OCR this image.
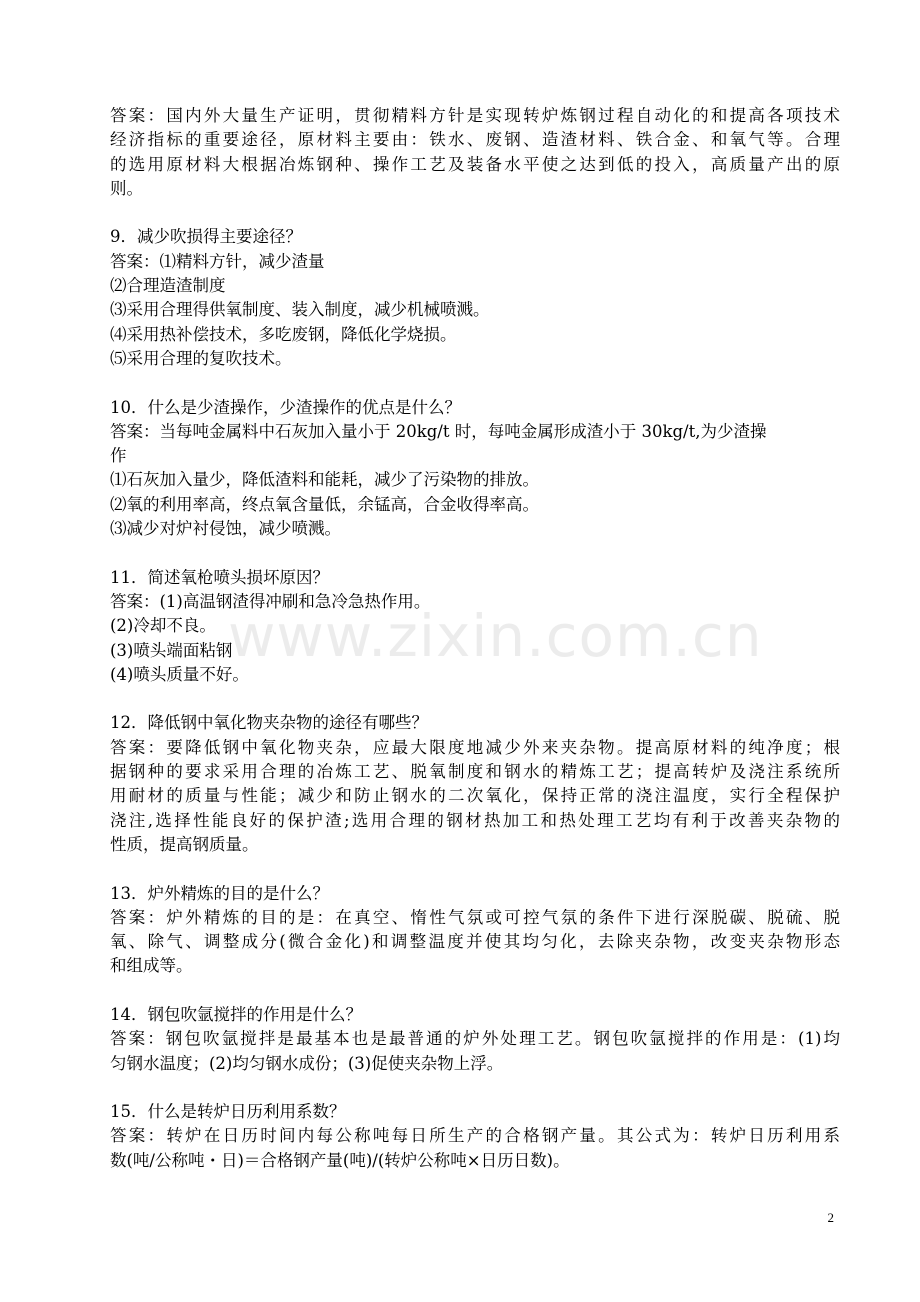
www.zixin.com.cn
答案：国内外大量生产证明，贯彻精料方针是实现转炉炼钢过程自动化的和提高各项技术
经济指标的重要途径，原材料主要由：铁水、废钢、造渣材料、铁合金、和氧气等。合理
的选用原材料大根据冶炼钢种、操作工艺及装备水平使之达到低的投入，高质量产出的原
则。
9．减少吹损得主要途径？
答案：⑴精料方针，减少渣量
⑵合理造渣制度
⑶采用合理得供氧制度、装入制度，减少机械喷溅。
⑷采用热补偿技术，多吃废钢，降低化学烧损。
⑸采用合理的复吹技术。
10．什么是少渣操作，少渣操作的优点是什么？
答案：当每吨金属料中石灰加入量小于 20kg/t 时，每吨金属形成渣小于 30kg/t,为少渣操
作
⑴石灰加入量少，降低渣料和能耗，减少了污染物的排放。
⑵氧的利用率高，终点氧含量低，余锰高，合金收得率高。
⑶减少对炉衬侵蚀，减少喷溅。
11．简述氧枪喷头损坏原因？
答案：(1)高温钢渣得冲刷和急冷急热作用。
(2)冷却不良。
(3)喷头端面粘钢
(4)喷头质量不好。
12．降低钢中氧化物夹杂物的途径有哪些？
答案：要降低钢中氧化物夹杂，应最大限度地减少外来夹杂物。提高原材料的纯净度；根
据钢种的要求采用合理的冶炼工艺、脱氧制度和钢水的精炼工艺；提高转炉及浇注系统所
用耐材的质量与性能；减少和防止钢水的二次氧化，保持正常的浇注温度，实行全程保护
浇注,选择性能良好的保护渣;选用合理的钢材热加工和热处理工艺均有利于改善夹杂物的
性质，提高钢质量。
13．炉外精炼的目的是什么？
答案：炉外精炼的目的是：在真空、惰性气氛或可控气氛的条件下进行深脱碳、脱硫、脱
氧、除气、调整成分(微合金化)和调整温度并使其均匀化，去除夹杂物，改变夹杂物形态
和组成等。
14．钢包吹氩搅拌的作用是什么？
答案：钢包吹氩搅拌是最基本也是最普通的炉外处理工艺。钢包吹氩搅拌的作用是：(1)均
匀钢水温度；(2)均匀钢水成份；(3)促使夹杂物上浮。
15．什么是转炉日历利用系数？
答案：转炉在日历时间内每公称吨每日所生产的合格钢产量。其公式为：转炉日历利用系
数(吨/公称吨・日)＝合格钢产量(吨)/(转炉公称吨×日历日数)。
2
